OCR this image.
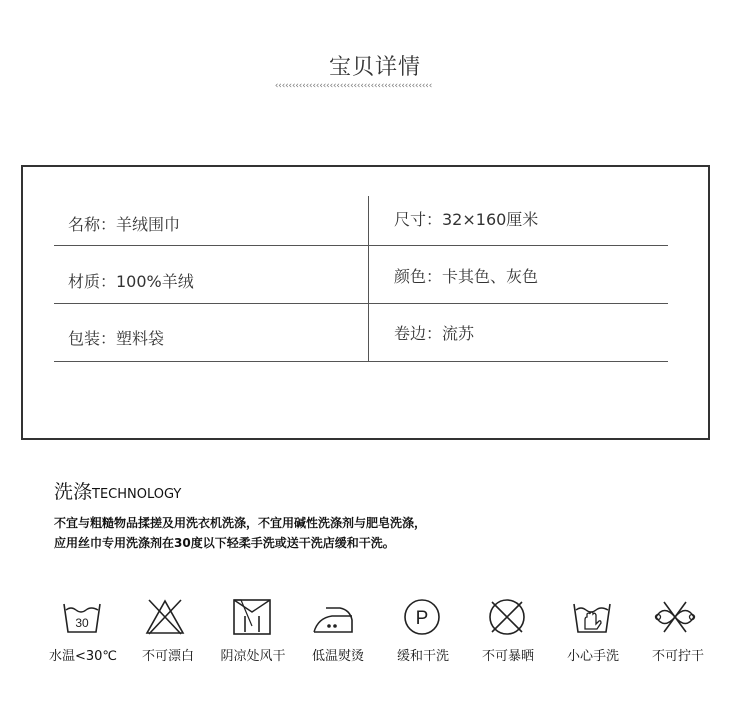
宝贝详情
‹‹‹‹‹‹‹‹‹‹‹‹‹‹‹‹‹‹‹‹‹‹‹‹‹‹‹‹‹‹‹‹‹‹‹‹‹‹‹‹‹‹‹‹‹‹
名称：羊绒围巾	尺寸：32×160厘米
材质：100%羊绒	颜色：卡其色、灰色
包装：塑料袋	卷边：流苏
洗涤TECHNOLOGY
不宜与粗糙物品揉搓及用洗衣机洗涤，不宜用碱性洗涤剂与肥皂洗涤，
应用丝巾专用洗涤剂在30度以下轻柔手洗或送干洗店缓和干洗。
30	P
水温<30℃	不可漂白	阴凉处风干	低温熨烫	缓和干洗	不可暴晒	小心手洗	不可拧干
